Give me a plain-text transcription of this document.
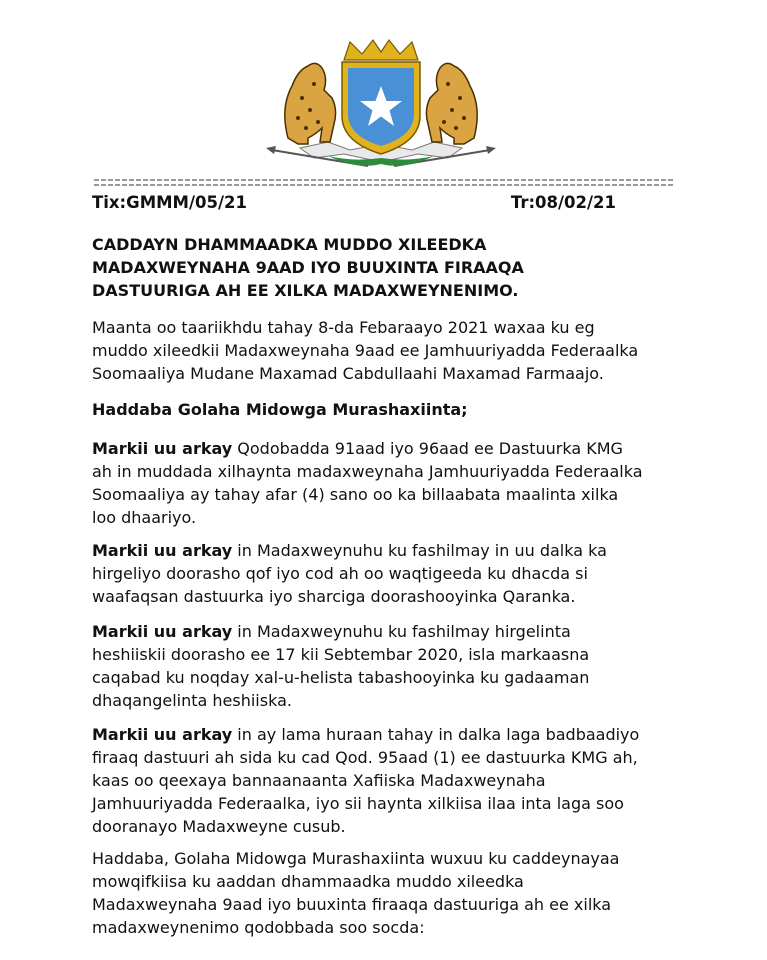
Tix:GMMM/05/21	Tr:08/02/21
CADDAYN DHAMMAADKA MUDDO XILEEDKA
MADAXWEYNAHA 9AAD IYO BUUXINTA FIRAAQA
DASTUURIGA AH EE XILKA MADAXWEYNENIMO.
Maanta oo taariikhdu tahay 8-da Febaraayo 2021 waxaa ku eg
muddo xileedkii Madaxweynaha 9aad ee Jamhuuriyadda Federaalka
Soomaaliya Mudane Maxamad Cabdullaahi Maxamad Farmaajo.
Haddaba Golaha Midowga Murashaxiinta;
Markii uu arkay Qodobadda 91aad iyo 96aad ee Dastuurka KMG
ah in muddada xilhaynta madaxweynaha Jamhuuriyadda Federaalka
Soomaaliya ay tahay afar (4) sano oo ka billaabata maalinta xilka
loo dhaariyo.
Markii uu arkay in Madaxweynuhu ku fashilmay in uu dalka ka
hirgeliyo doorasho qof iyo cod ah oo waqtigeeda ku dhacda si
waafaqsan dastuurka iyo sharciga doorashooyinka Qaranka.
Markii uu arkay in Madaxweynuhu ku fashilmay hirgelinta
heshiiskii doorasho ee 17 kii Sebtembar 2020, isla markaasna
caqabad ku noqday xal-u-helista tabashooyinka ku gadaaman
dhaqangelinta heshiiska.
Markii uu arkay in ay lama huraan tahay in dalka laga badbaadiyo
firaaq dastuuri ah sida ku cad Qod. 95aad (1) ee dastuurka KMG ah,
kaas oo qeexaya bannaanaanta Xafiiska Madaxweynaha
Jamhuuriyadda Federaalka, iyo sii haynta xilkiisa ilaa inta laga soo
dooranayo Madaxweyne cusub.
Haddaba, Golaha Midowga Murashaxiinta wuxuu ku caddeynayaa
mowqifkiisa ku aaddan dhammaadka muddo xileedka
Madaxweynaha 9aad iyo buuxinta firaaqa dastuuriga ah ee xilka
madaxweynenimo qodobbada soo socda:
